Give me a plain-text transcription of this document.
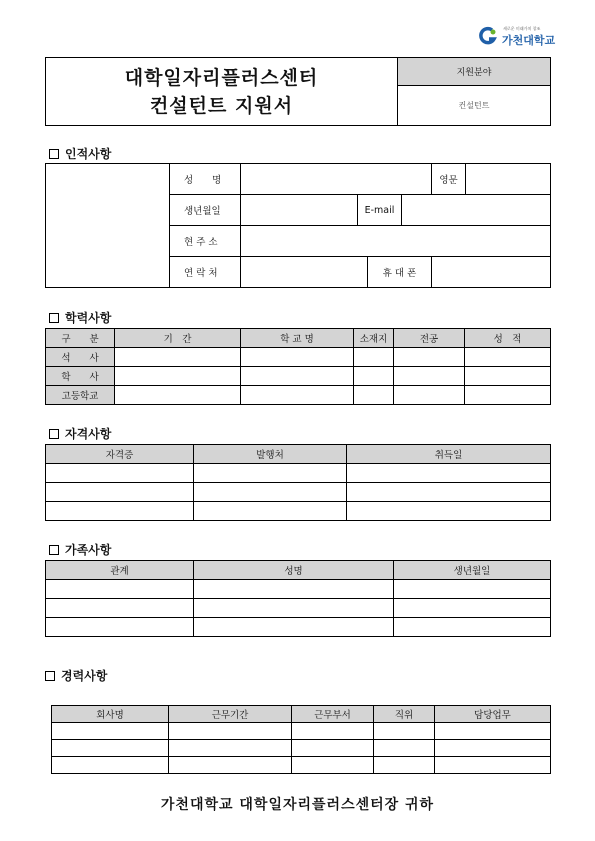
새로운 미래가치 창조
가천대학교
대학일자리플러스센터
컨설턴트 지원서
	지원분야
컨설턴트
인적사항
	성　　명					영문	
	생년월일		E-mail				
	현 주 소						
	연 락 처			휴 대 폰			
학력사항
구　　분	기　간	학 교 명	소재지	전공	성　적
석　　사					
학　　사					
고등학교					
자격사항
자격증	발행처	취득일

가족사항
관계	성명	생년월일

경력사항
회사명	근무기간	근무부서	직위	담당업무

가천대학교 대학일자리플러스센터장 귀하
